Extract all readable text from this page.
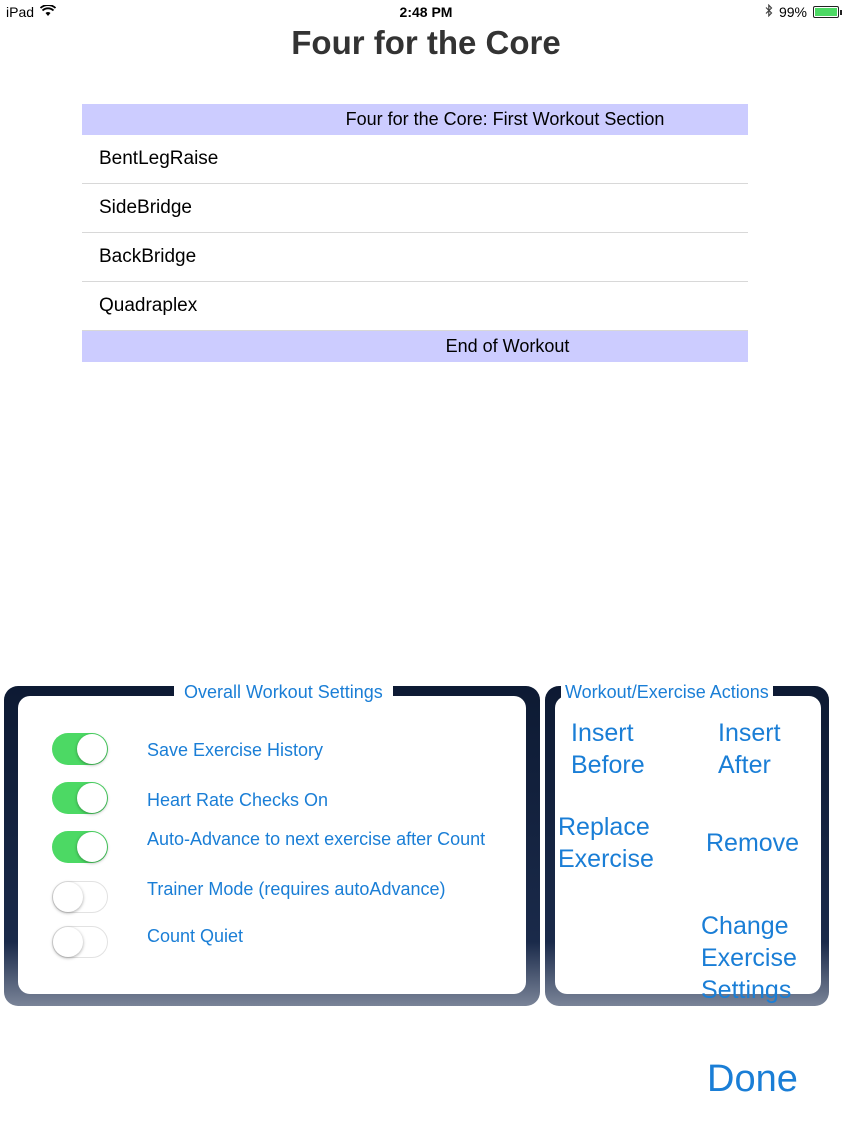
iPad	2:48 PM	99%
Four for the Core
Four for the Core: First Workout Section
BentLegRaise
SideBridge
BackBridge
Quadraplex
End of Workout
Save Exercise History
Heart Rate Checks On
Auto-Advance to next exercise after Count
Trainer Mode (requires autoAdvance)
Count Quiet
Overall Workout Settings
Insert
Before
Insert
After
Replace
Exercise
Remove
Change
Exercise
Settings
Workout/Exercise Actions
Done
